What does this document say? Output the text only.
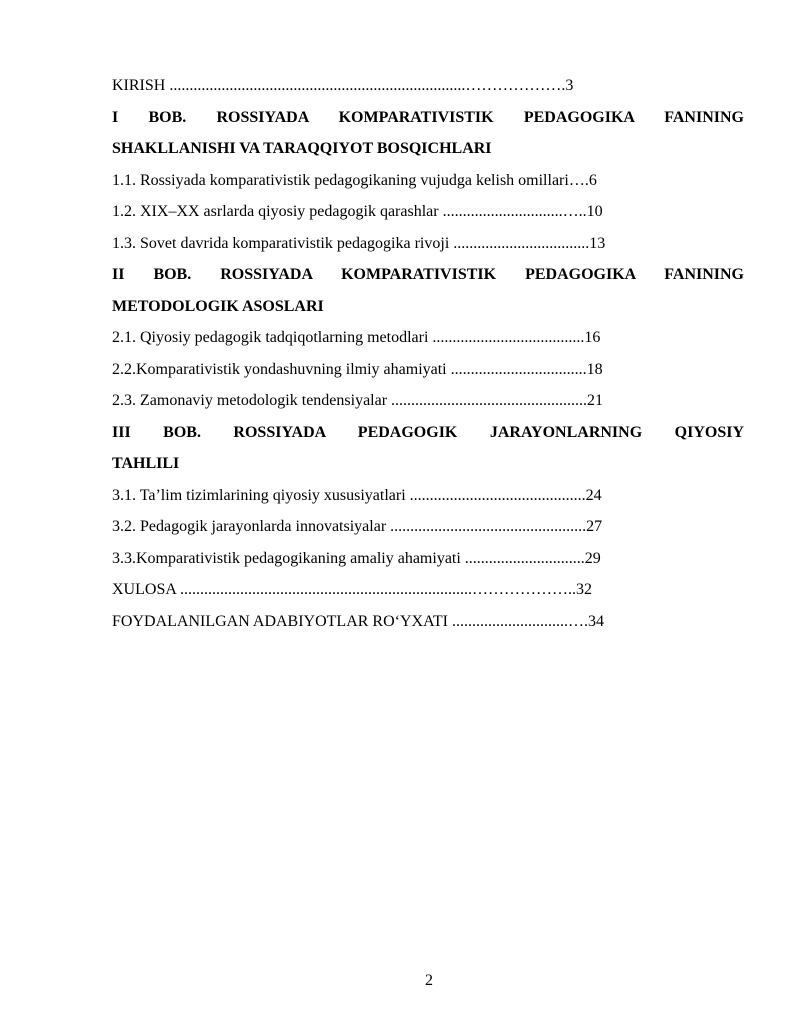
KIRISH ..........................................................................……………….3
I BOB. ROSSIYADA KOMPARATIVISTIK PEDAGOGIKA FANINING
SHAKLLANISHI VA TARAQQIYOT BOSQICHLARI
1.1. Rossiyada komparativistik pedagogikaning vujudga kelish omillari….6
1.2. XIX–XX asrlarda qiyosiy pedagogik qarashlar ..............................…..10
1.3. Sovet davrida komparativistik pedagogika rivoji ..................................13
II BOB. ROSSIYADA KOMPARATIVISTIK PEDAGOGIKA FANINING
METODOLOGIK ASOSLARI
2.1. Qiyosiy pedagogik tadqiqotlarning metodlari ......................................16
2.2.Komparativistik yondashuvning ilmiy ahamiyati ..................................18
2.3. Zamonaviy metodologik tendensiyalar .................................................21
III BOB. ROSSIYADA PEDAGOGIK JARAYONLARNING QIYOSIY
TAHLILI
3.1. Ta’lim tizimlarining qiyosiy xususiyatlari ............................................24
3.2. Pedagogik jarayonlarda innovatsiyalar .................................................27
3.3.Komparativistik pedagogikaning amaliy ahamiyati ..............................29
XULOSA .........................................................................………………..32
FOYDALANILGAN ADABIYOTLAR RO‘YXATI .............................….34
2
